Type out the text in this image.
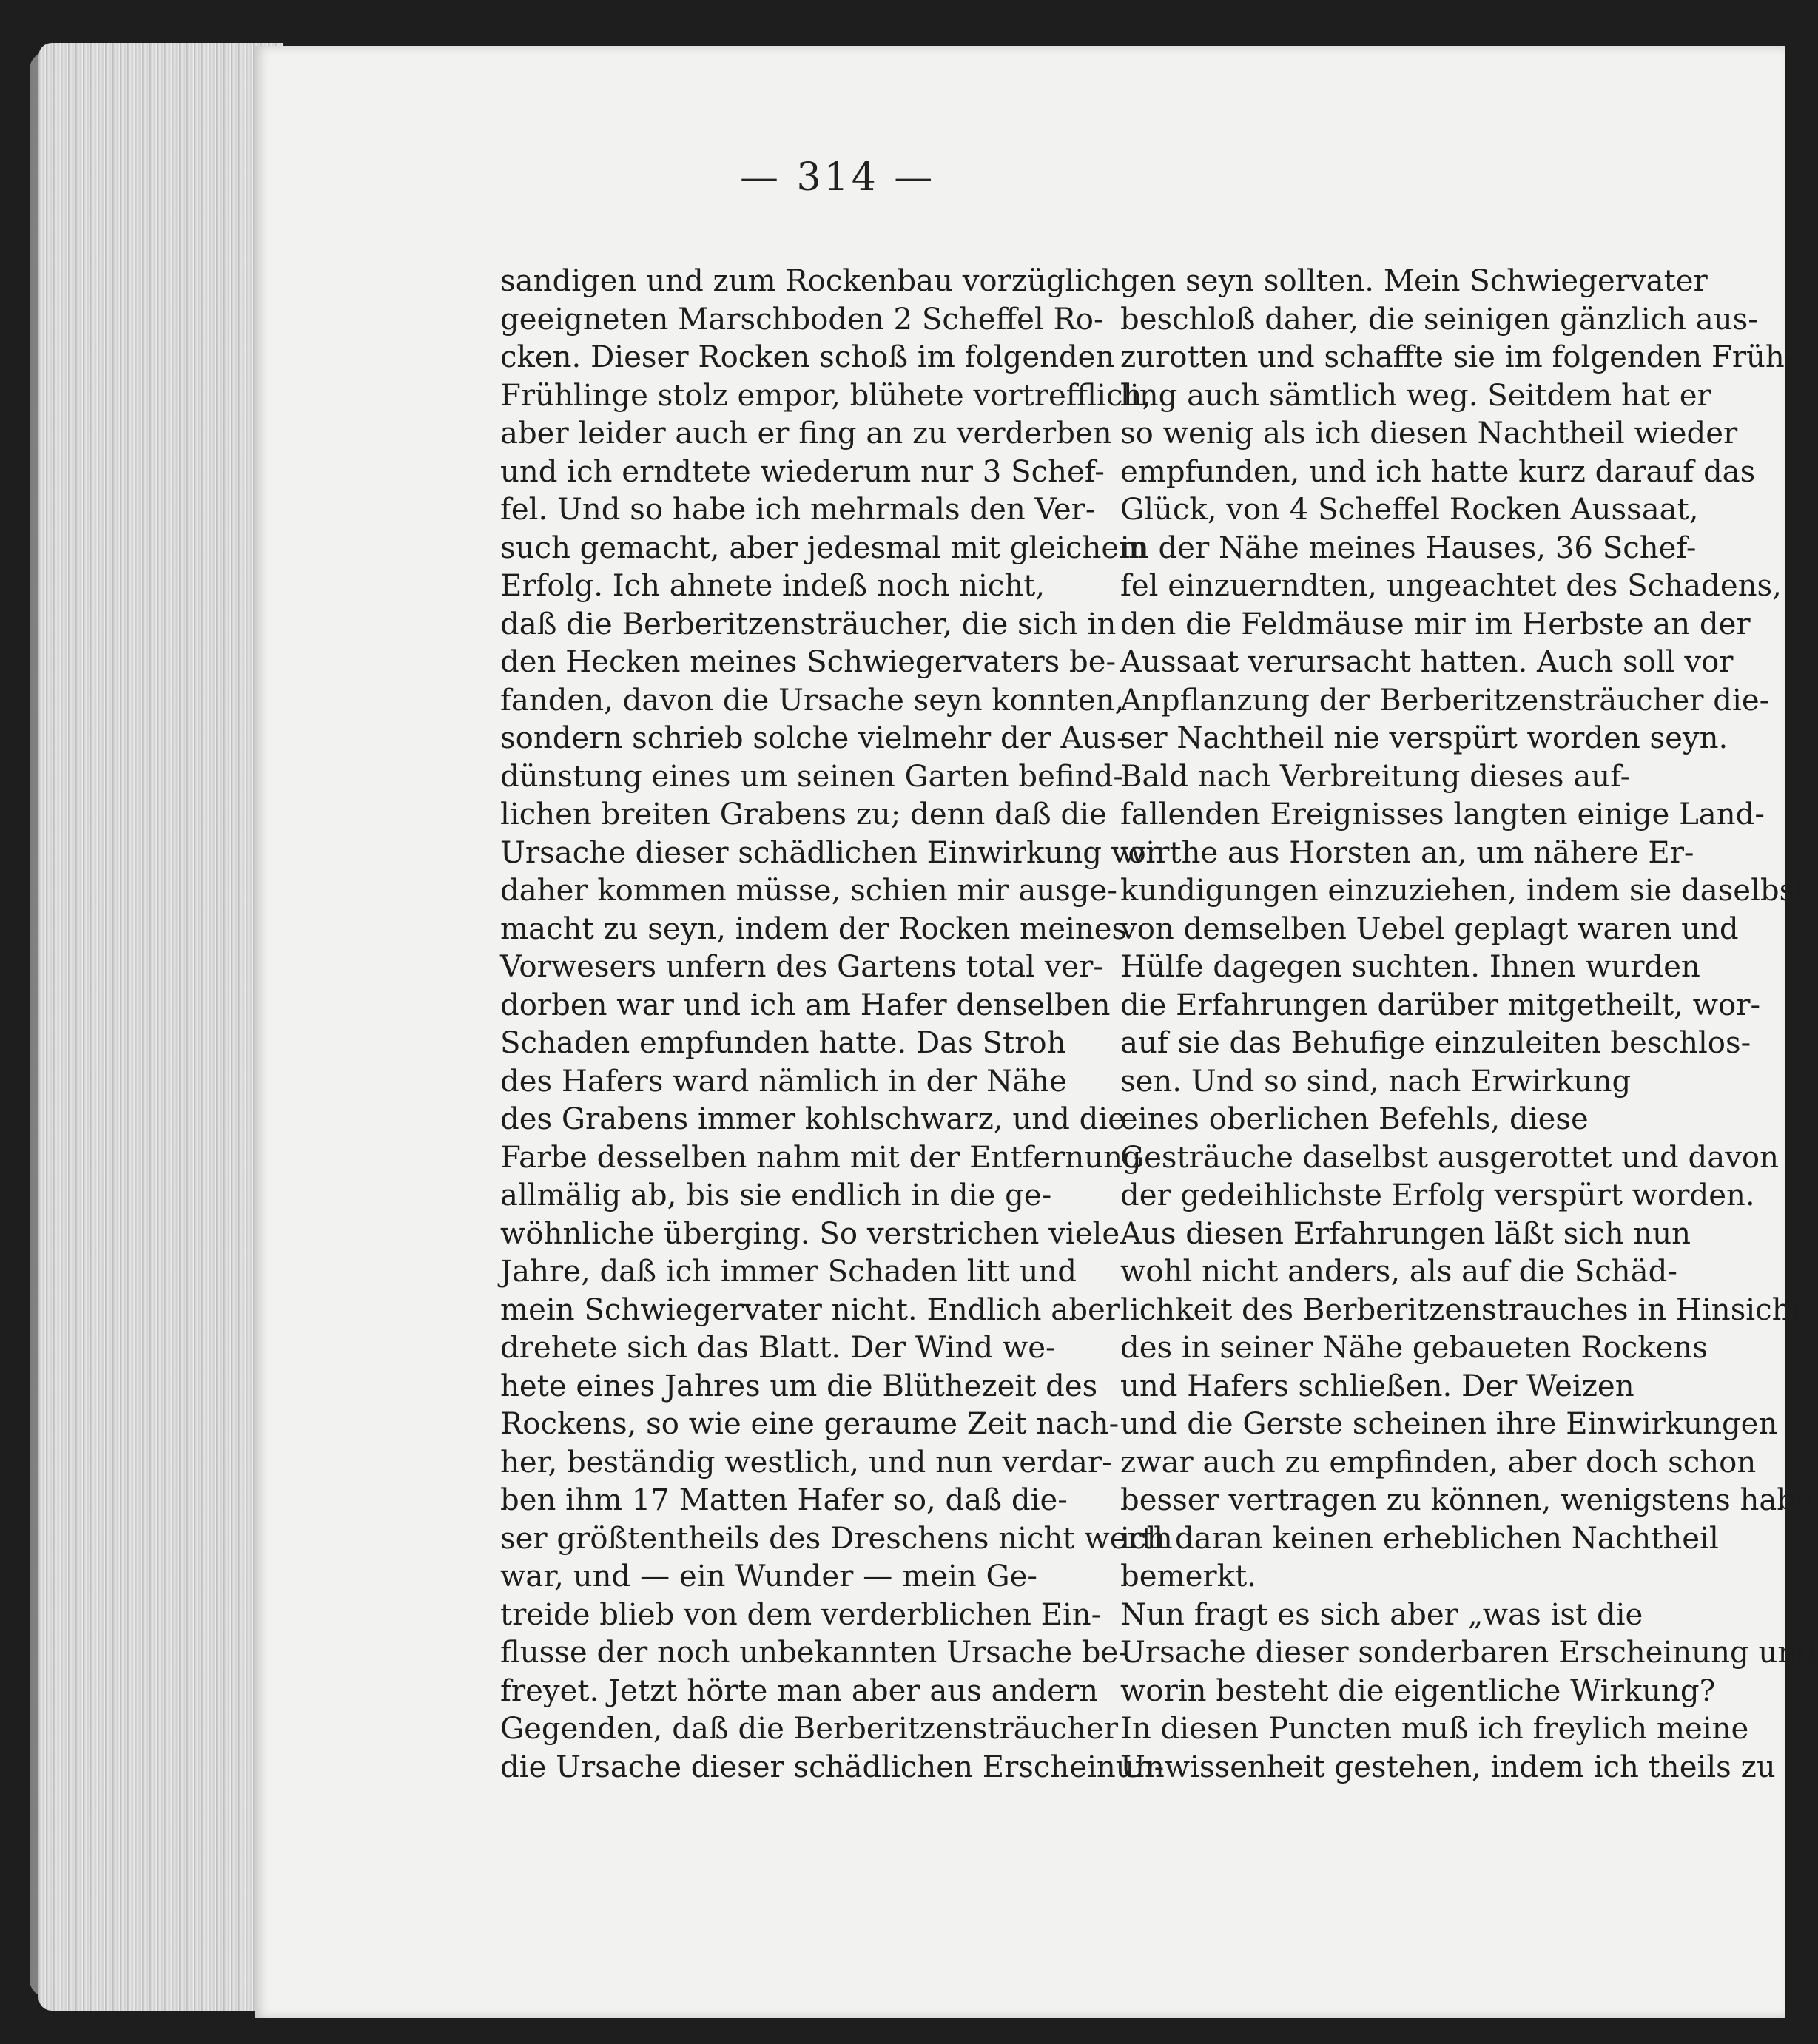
— 314 —
sandigen und zum Rockenbau vorzüglich
geeigneten Marschboden 2 Scheffel Ro-
cken. Dieser Rocken schoß im folgenden
Frühlinge stolz empor, blühete vortrefflich,
aber leider auch er fing an zu verderben
und ich erndtete wiederum nur 3 Schef-
fel. Und so habe ich mehrmals den Ver-
such gemacht, aber jedesmal mit gleichem
Erfolg. Ich ahnete indeß noch nicht,
daß die Berberitzensträucher, die sich in
den Hecken meines Schwiegervaters be-
fanden, davon die Ursache seyn konnten,
sondern schrieb solche vielmehr der Aus-
dünstung eines um seinen Garten befind-
lichen breiten Grabens zu; denn daß die
Ursache dieser schädlichen Einwirkung von
daher kommen müsse, schien mir ausge-
macht zu seyn, indem der Rocken meines
Vorwesers unfern des Gartens total ver-
dorben war und ich am Hafer denselben
Schaden empfunden hatte. Das Stroh
des Hafers ward nämlich in der Nähe
des Grabens immer kohlschwarz, und die
Farbe desselben nahm mit der Entfernung
allmälig ab, bis sie endlich in die ge-
wöhnliche überging. So verstrichen viele
Jahre, daß ich immer Schaden litt und
mein Schwiegervater nicht. Endlich aber
drehete sich das Blatt. Der Wind we-
hete eines Jahres um die Blüthezeit des
Rockens, so wie eine geraume Zeit nach-
her, beständig westlich, und nun verdar-
ben ihm 17 Matten Hafer so, daß die-
ser größtentheils des Dreschens nicht werth
war, und — ein Wunder — mein Ge-
treide blieb von dem verderblichen Ein-
flusse der noch unbekannten Ursache be-
freyet. Jetzt hörte man aber aus andern
Gegenden, daß die Berberitzensträucher
die Ursache dieser schädlichen Erscheinun-
gen seyn sollten. Mein Schwiegervater
beschloß daher, die seinigen gänzlich aus-
zurotten und schaffte sie im folgenden Früh-
ling auch sämtlich weg. Seitdem hat er
so wenig als ich diesen Nachtheil wieder
empfunden, und ich hatte kurz darauf das
Glück, von 4 Scheffel Rocken Aussaat,
in der Nähe meines Hauses, 36 Schef-
fel einzuerndten, ungeachtet des Schadens,
den die Feldmäuse mir im Herbste an der
Aussaat verursacht hatten. Auch soll vor
Anpflanzung der Berberitzensträucher die-
ser Nachtheil nie verspürt worden seyn.
Bald nach Verbreitung dieses auf-
fallenden Ereignisses langten einige Land-
wirthe aus Horsten an, um nähere Er-
kundigungen einzuziehen, indem sie daselbst
von demselben Uebel geplagt waren und
Hülfe dagegen suchten. Ihnen wurden
die Erfahrungen darüber mitgetheilt, wor-
auf sie das Behufige einzuleiten beschlos-
sen. Und so sind, nach Erwirkung
eines oberlichen Befehls, diese
Gesträuche daselbst ausgerottet und davon
der gedeihlichste Erfolg verspürt worden.
Aus diesen Erfahrungen läßt sich nun
wohl nicht anders, als auf die Schäd-
lichkeit des Berberitzenstrauches in Hinsicht
des in seiner Nähe gebaueten Rockens
und Hafers schließen. Der Weizen
und die Gerste scheinen ihre Einwirkungen
zwar auch zu empfinden, aber doch schon
besser vertragen zu können, wenigstens habe
ich daran keinen erheblichen Nachtheil
bemerkt.
Nun fragt es sich aber „was ist die
Ursache dieser sonderbaren Erscheinung und
worin besteht die eigentliche Wirkung?
In diesen Puncten muß ich freylich meine
Unwissenheit gestehen, indem ich theils zu
